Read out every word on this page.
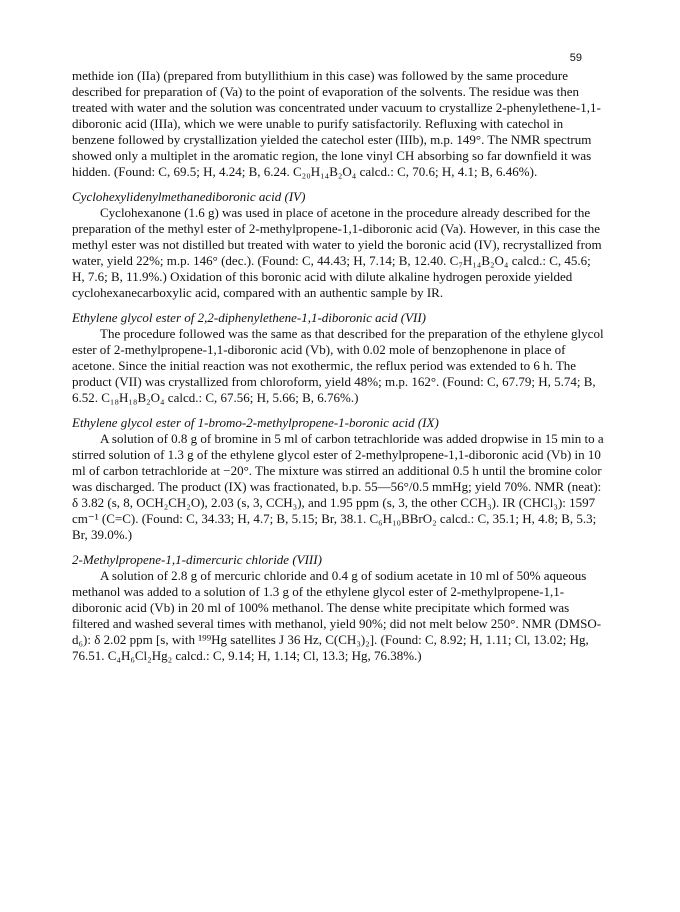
59

methide ion (IIa) (prepared from butyllithium in this case) was followed by the same procedure described for preparation of (Va) to the point of evaporation of the solvents. The residue was then treated with water and the solution was concentrated under vacuum to crystallize 2-phenylethene-1,1-diboronic acid (IIIa), which we were unable to purify satisfactorily. Refluxing with catechol in benzene followed by crystallization yielded the catechol ester (IIIb), m.p. 149°. The NMR spectrum showed only a multiplet in the aromatic region, the lone vinyl CH absorbing so far downfield it was hidden. (Found: C, 69.5; H, 4.24; B, 6.24. C₂₀H₁₄B₂O₄ calcd.: C, 70.6; H, 4.1; B, 6.46%).

Cyclohexylidenylmethanediboronic acid (IV)

Cyclohexanone (1.6 g) was used in place of acetone in the procedure already described for the preparation of the methyl ester of 2-methylpropene-1,1-diboronic acid (Va). However, in this case the methyl ester was not distilled but treated with water to yield the boronic acid (IV), recrystallized from water, yield 22%; m.p. 146° (dec.). (Found: C, 44.43; H, 7.14; B, 12.40. C₇H₁₄B₂O₄ calcd.: C, 45.6; H, 7.6; B, 11.9%.) Oxidation of this boronic acid with dilute alkaline hydrogen peroxide yielded cyclohexanecarboxylic acid, compared with an authentic sample by IR.

Ethylene glycol ester of 2,2-diphenylethene-1,1-diboronic acid (VII)

The procedure followed was the same as that described for the preparation of the ethylene glycol ester of 2-methylpropene-1,1-diboronic acid (Vb), with 0.02 mole of benzophenone in place of acetone. Since the initial reaction was not exothermic, the reflux period was extended to 6 h. The product (VII) was crystallized from chloroform, yield 48%; m.p. 162°. (Found: C, 67.79; H, 5.74; B, 6.52. C₁₈H₁₈B₂O₄ calcd.: C, 67.56; H, 5.66; B, 6.76%.)

Ethylene glycol ester of 1-bromo-2-methylpropene-1-boronic acid (IX)

A solution of 0.8 g of bromine in 5 ml of carbon tetrachloride was added dropwise in 15 min to a stirred solution of 1.3 g of the ethylene glycol ester of 2-methylpropene-1,1-diboronic acid (Vb) in 10 ml of carbon tetrachloride at −20°. The mixture was stirred an additional 0.5 h until the bromine color was discharged. The product (IX) was fractionated, b.p. 55—56°/0.5 mmHg; yield 70%. NMR (neat): δ 3.82 (s, 8, OCH₂CH₂O), 2.03 (s, 3, CCH₃), and 1.95 ppm (s, 3, the other CCH₃). IR (CHCl₃): 1597 cm⁻¹ (C=C). (Found: C, 34.33; H, 4.7; B, 5.15; Br, 38.1. C₆H₁₀BBrO₂ calcd.: C, 35.1; H, 4.8; B, 5.3; Br, 39.0%.)

2-Methylpropene-1,1-dimercuric chloride (VIII)

A solution of 2.8 g of mercuric chloride and 0.4 g of sodium acetate in 10 ml of 50% aqueous methanol was added to a solution of 1.3 g of the ethylene glycol ester of 2-methylpropene-1,1-diboronic acid (Vb) in 20 ml of 100% methanol. The dense white precipitate which formed was filtered and washed several times with methanol, yield 90%; did not melt below 250°. NMR (DMSO-d₆): δ 2.02 ppm [s, with ¹⁹⁹Hg satellites J 36 Hz, C(CH₃)₂]. (Found: C, 8.92; H, 1.11; Cl, 13.02; Hg, 76.51. C₄H₆Cl₂Hg₂ calcd.: C, 9.14; H, 1.14; Cl, 13.3; Hg, 76.38%.)
